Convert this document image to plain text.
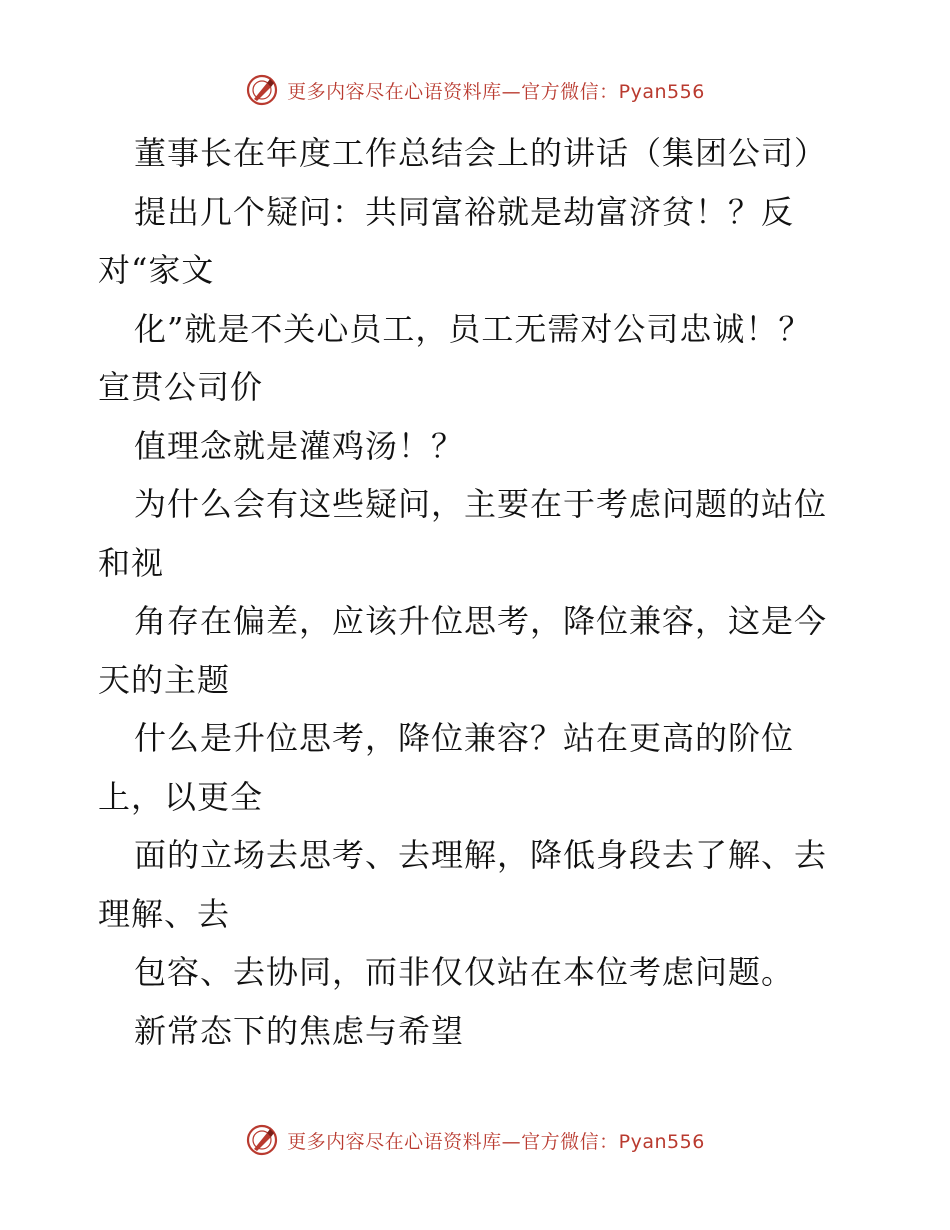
更多内容尽在心语资料库—官方微信：Pyan556
董事长在年度工作总结会上的讲话（集团公司）
提出几个疑问：共同富裕就是劫富济贫！？反
对“家文
化”就是不关心员工，员工无需对公司忠诚！？
宣贯公司价
值理念就是灌鸡汤！？
为什么会有这些疑问，主要在于考虑问题的站位
和视
角存在偏差，应该升位思考，降位兼容，这是今
天的主题
什么是升位思考，降位兼容？站在更高的阶位
上，以更全
面的立场去思考、去理解，降低身段去了解、去
理解、去
包容、去协同，而非仅仅站在本位考虑问题。
新常态下的焦虑与希望
更多内容尽在心语资料库—官方微信：Pyan556
